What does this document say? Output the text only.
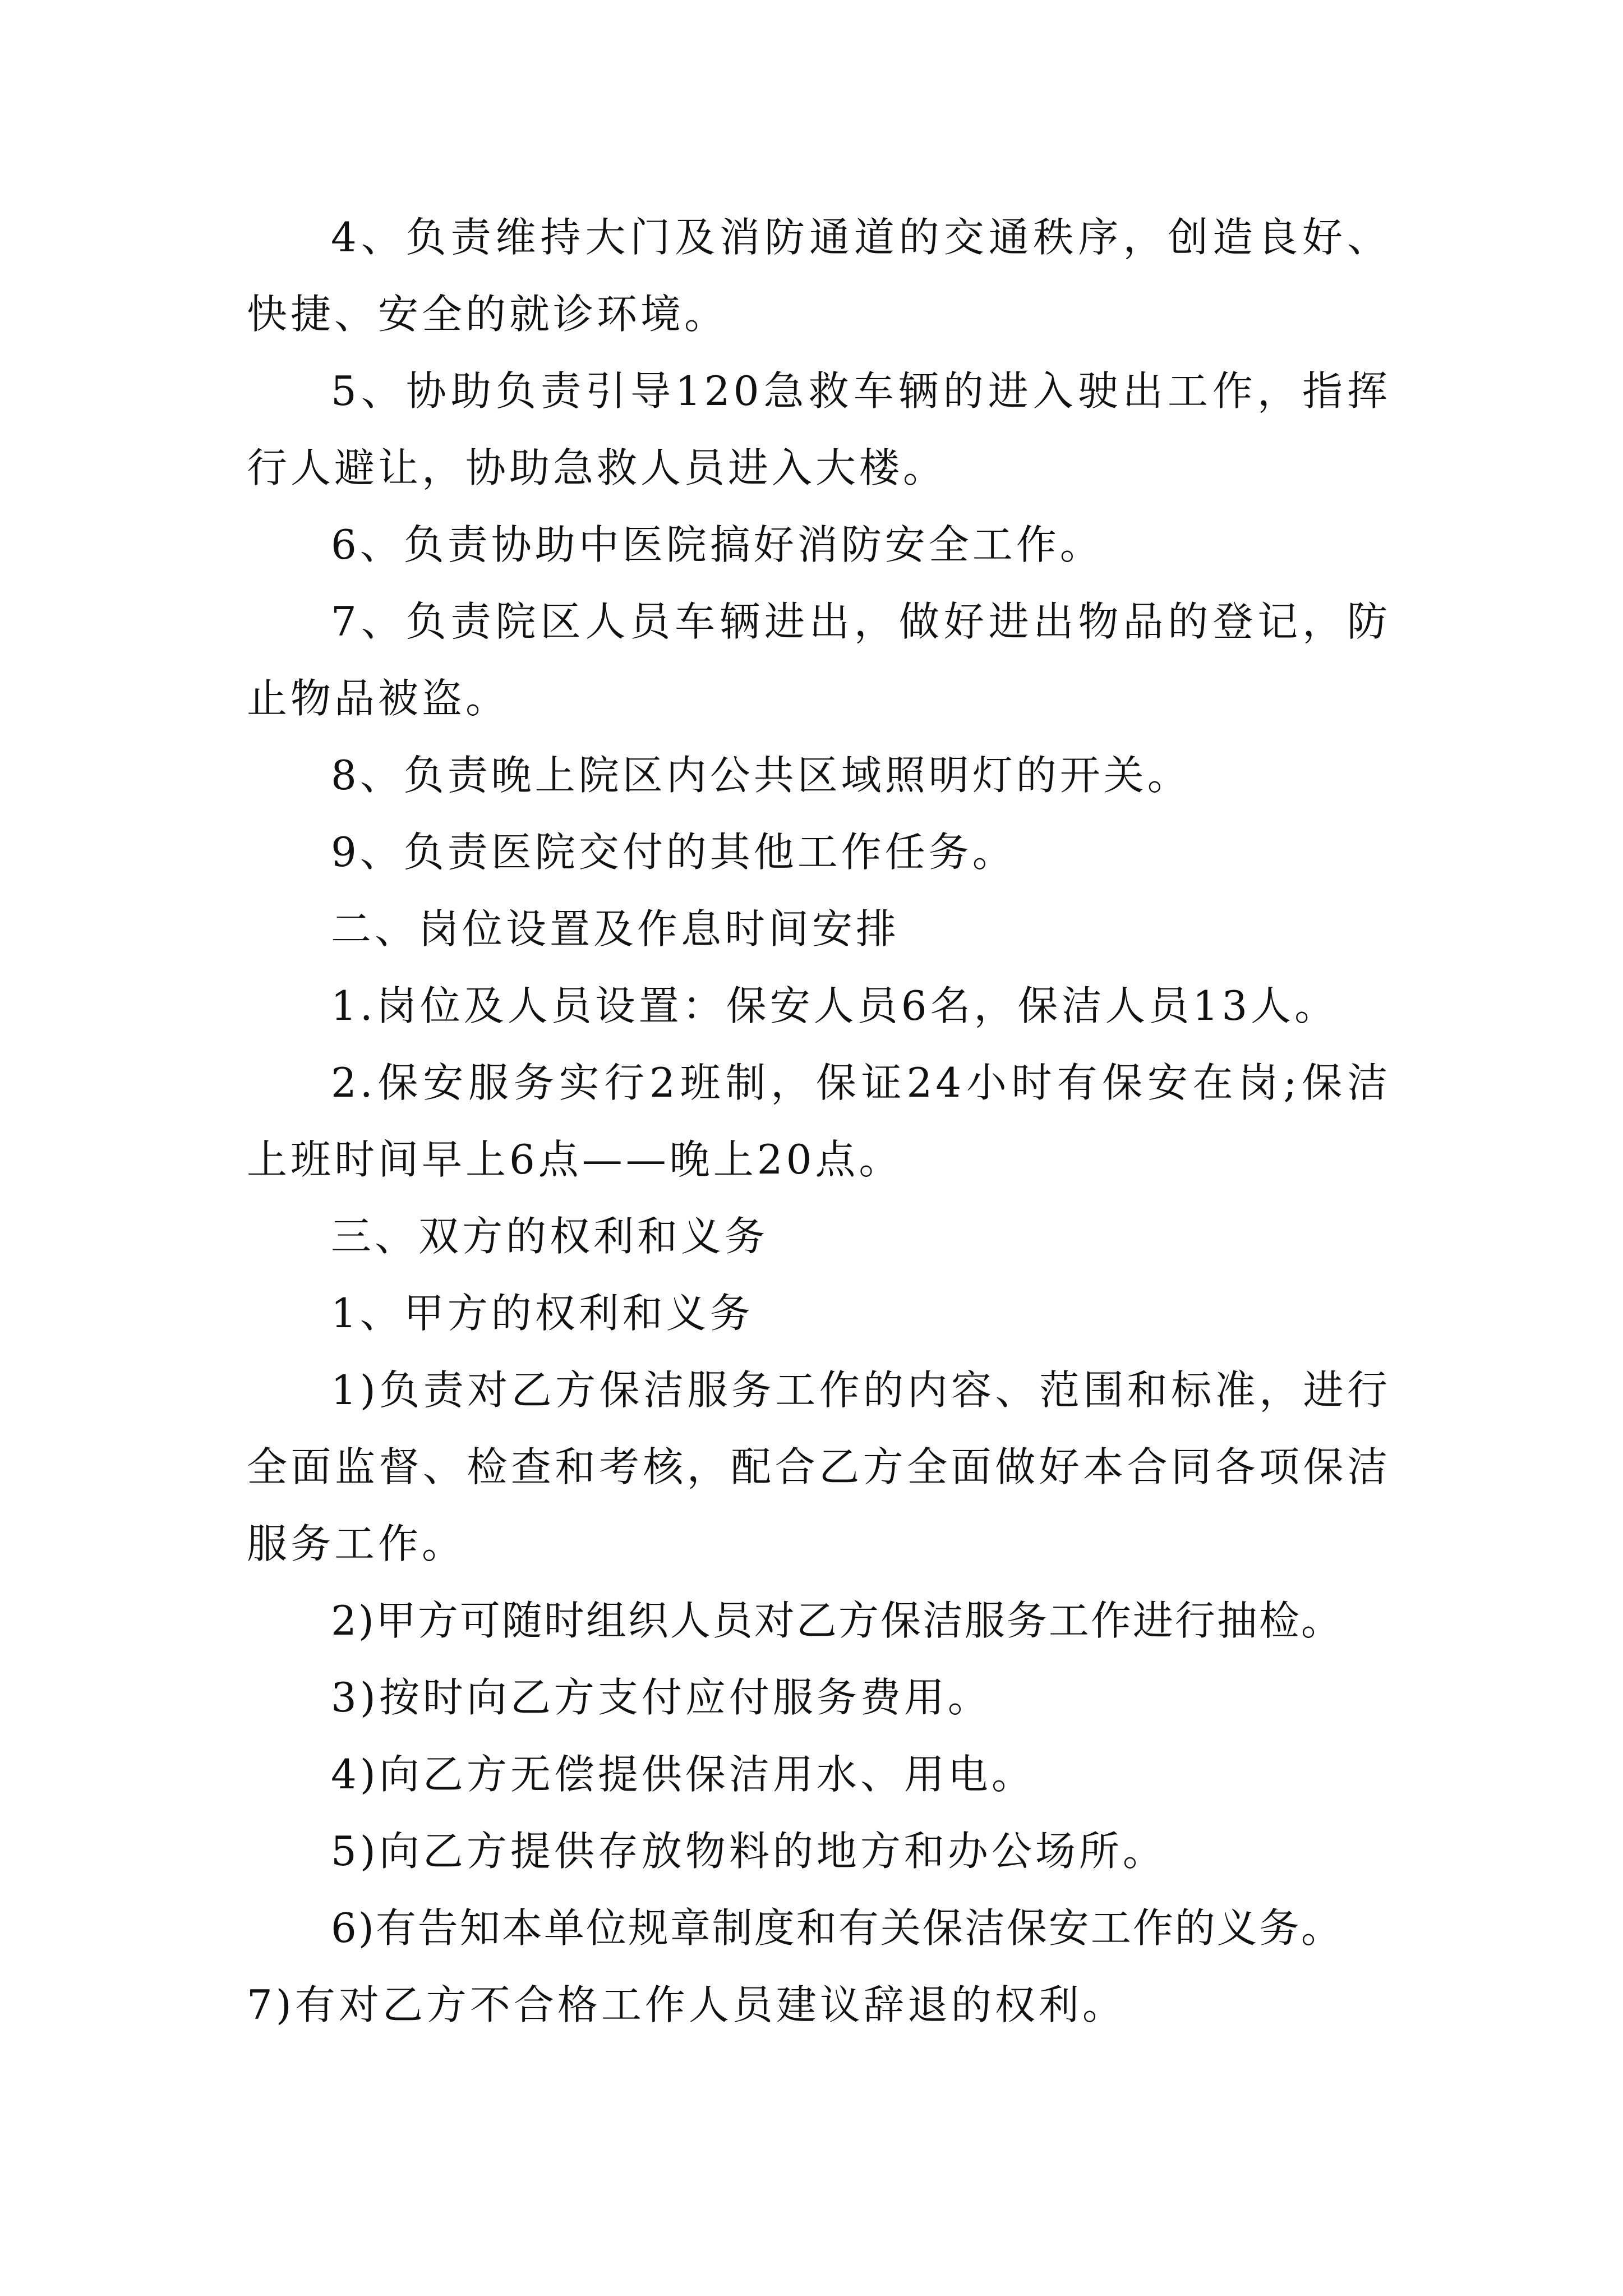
4、负责维持大门及消防通道的交通秩序，创造良好、快捷、安全的就诊环境。

5、协助负责引导120急救车辆的进入驶出工作，指挥行人避让，协助急救人员进入大楼。

6、负责协助中医院搞好消防安全工作。

7、负责院区人员车辆进出，做好进出物品的登记，防止物品被盗。

8、负责晚上院区内公共区域照明灯的开关。

9、负责医院交付的其他工作任务。

二、岗位设置及作息时间安排

1.岗位及人员设置：保安人员6名，保洁人员13人。

2.保安服务实行2班制，保证24小时有保安在岗;保洁上班时间早上6点——晚上20点。

三、双方的权利和义务

1、甲方的权利和义务

1)负责对乙方保洁服务工作的内容、范围和标准，进行全面监督、检查和考核，配合乙方全面做好本合同各项保洁服务工作。

2)甲方可随时组织人员对乙方保洁服务工作进行抽检。

3)按时向乙方支付应付服务费用。

4)向乙方无偿提供保洁用水、用电。

5)向乙方提供存放物料的地方和办公场所。

6)有告知本单位规章制度和有关保洁保安工作的义务。

7)有对乙方不合格工作人员建议辞退的权利。
